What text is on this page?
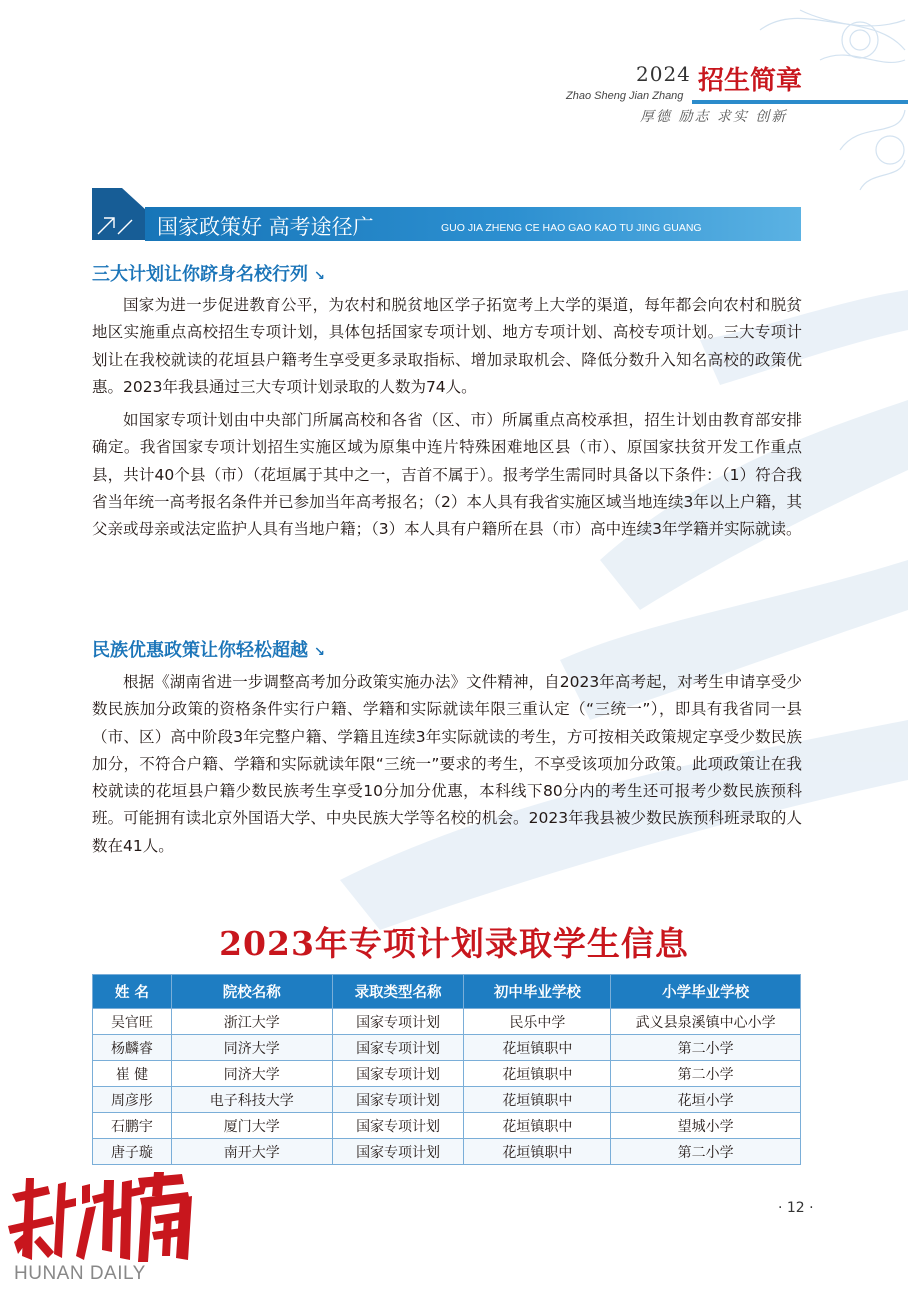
2024 招生简章
Zhao Sheng Jian Zhang
厚德 励志 求实 创新
国家政策好 高考途径广	GUO JIA ZHENG CE HAO GAO KAO TU JING GUANG
三大计划让你跻身名校行列 ↘

国家为进一步促进教育公平，为农村和脱贫地区学子拓宽考上大学的渠道，每年都会向农村和脱贫地区实施重点高校招生专项计划，具体包括国家专项计划、地方专项计划、高校专项计划。三大专项计划让在我校就读的花垣县户籍考生享受更多录取指标、增加录取机会、降低分数升入知名高校的政策优惠。2023年我县通过三大专项计划录取的人数为74人。

如国家专项计划由中央部门所属高校和各省（区、市）所属重点高校承担，招生计划由教育部安排确定。我省国家专项计划招生实施区域为原集中连片特殊困难地区县（市）、原国家扶贫开发工作重点县，共计40个县（市）（花垣属于其中之一，吉首不属于）。报考学生需同时具备以下条件：（1）符合我省当年统一高考报名条件并已参加当年高考报名；（2）本人具有我省实施区域当地连续3年以上户籍，其父亲或母亲或法定监护人具有当地户籍；（3）本人具有户籍所在县（市）高中连续3年学籍并实际就读。

民族优惠政策让你轻松超越 ↘

根据《湖南省进一步调整高考加分政策实施办法》文件精神，自2023年高考起，对考生申请享受少数民族加分政策的资格条件实行户籍、学籍和实际就读年限三重认定（“三统一”），即具有我省同一县（市、区）高中阶段3年完整户籍、学籍且连续3年实际就读的考生，方可按相关政策规定享受少数民族加分，不符合户籍、学籍和实际就读年限“三统一”要求的考生，不享受该项加分政策。此项政策让在我校就读的花垣县户籍少数民族考生享受10分加分优惠，本科线下80分内的考生还可报考少数民族预科班。可能拥有读北京外国语大学、中央民族大学等名校的机会。2023年我县被少数民族预科班录取的人数在41人。

2023年专项计划录取学生信息
姓 名	院校名称	录取类型名称	初中毕业学校	小学毕业学校
吴官旺	浙江大学	国家专项计划	民乐中学	武义县泉溪镇中心小学
杨麟睿	同济大学	国家专项计划	花垣镇职中	第二小学
崔 健	同济大学	国家专项计划	花垣镇职中	第二小学
周彦彤	电子科技大学	国家专项计划	花垣镇职中	花垣小学
石鹏宇	厦门大学	国家专项计划	花垣镇职中	望城小学
唐子璇	南开大学	国家专项计划	花垣镇职中	第二小学
· 12 ·
HUNAN DAILY
